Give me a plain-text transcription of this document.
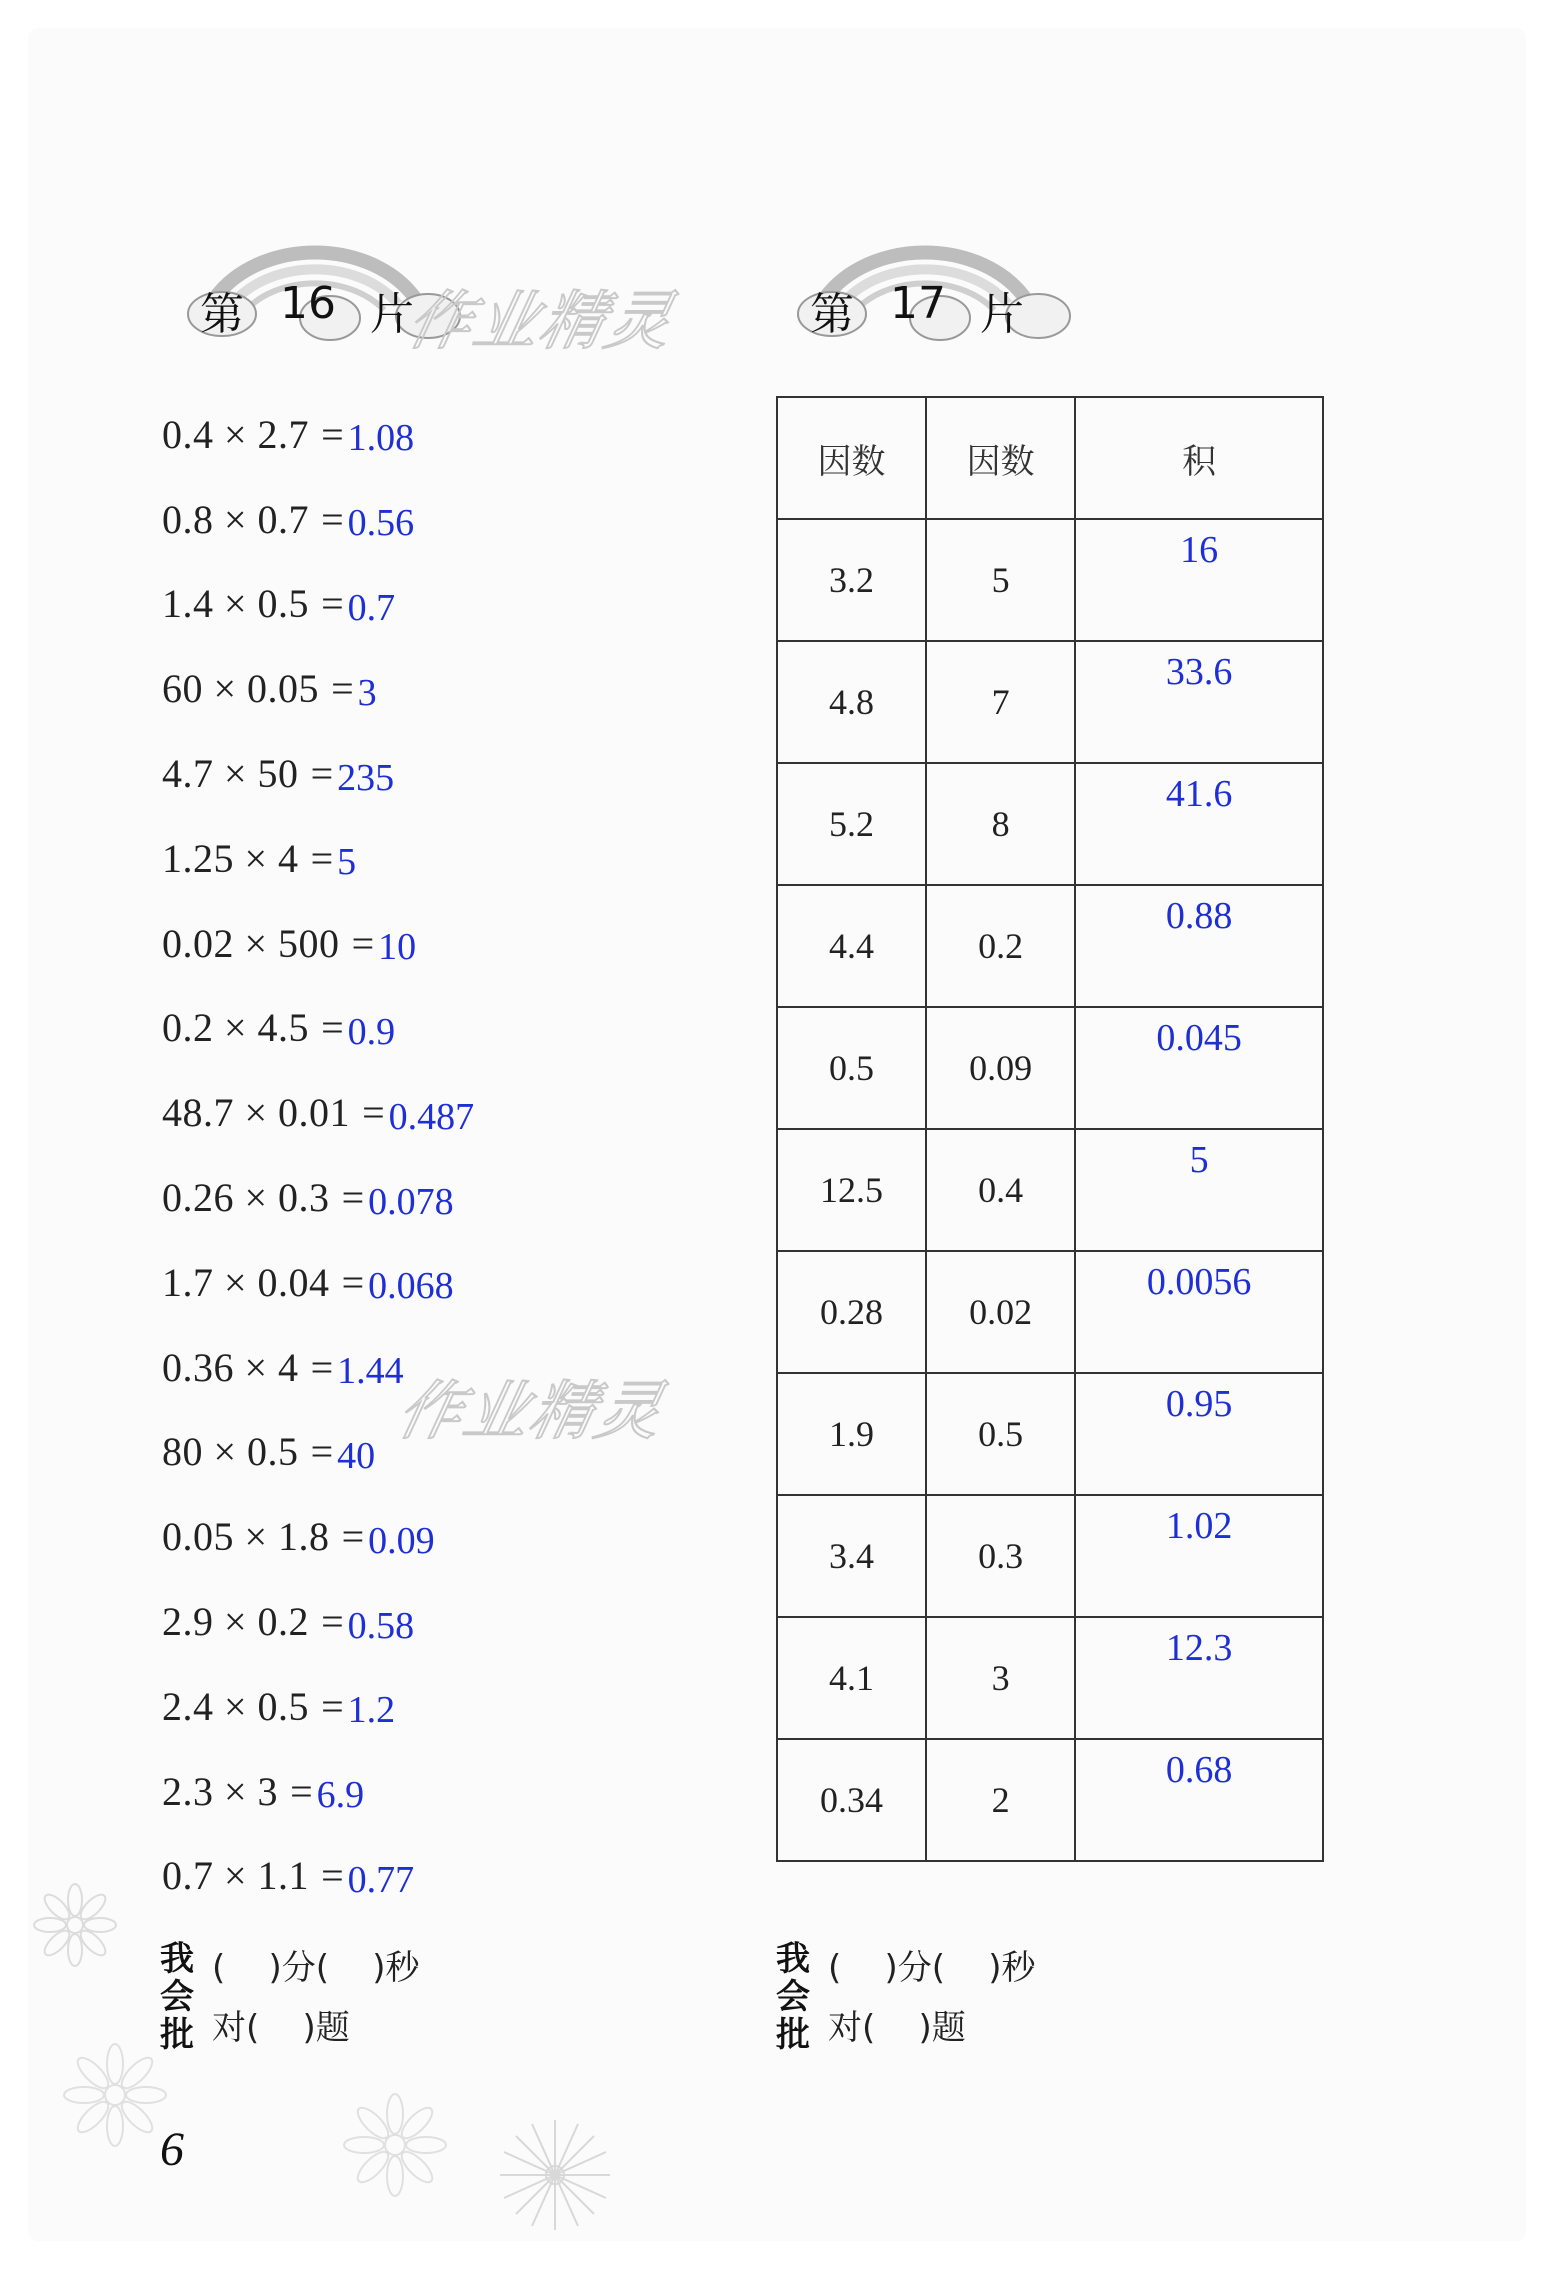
第 16 片
作业精灵	第 17 片
0.4 × 2.7 = 1.08
0.8 × 0.7 = 0.56
1.4 × 0.5 = 0.7
60 × 0.05 = 3
4.7 × 50 = 235
1.25 × 4 = 5
0.02 × 500 = 10
0.2 × 4.5 = 0.9
48.7 × 0.01 = 0.487
0.26 × 0.3 = 0.078
1.7 × 0.04 = 0.068
0.36 × 4 = 1.44
80 × 0.5 = 40
0.05 × 1.8 = 0.09
2.9 × 0.2 = 0.58
2.4 × 0.5 = 1.2
2.3 × 3 = 6.9
0.7 × 1.1 = 0.77
作业精灵
因数	因数	积
3.2	5	16

4.8	7	33.6

5.2	8	41.6

4.4	0.2	0.88

0.5	0.09	0.045

12.5	0.4	5

0.28	0.02	0.0056

1.9	0.5	0.95

3.4	0.3	1.02

4.1	3	12.3

0.34	2	0.68
我
会
批
(    )分(    )秒
对(    )题
我
会
批
(    )分(    )秒
对(    )题
6
